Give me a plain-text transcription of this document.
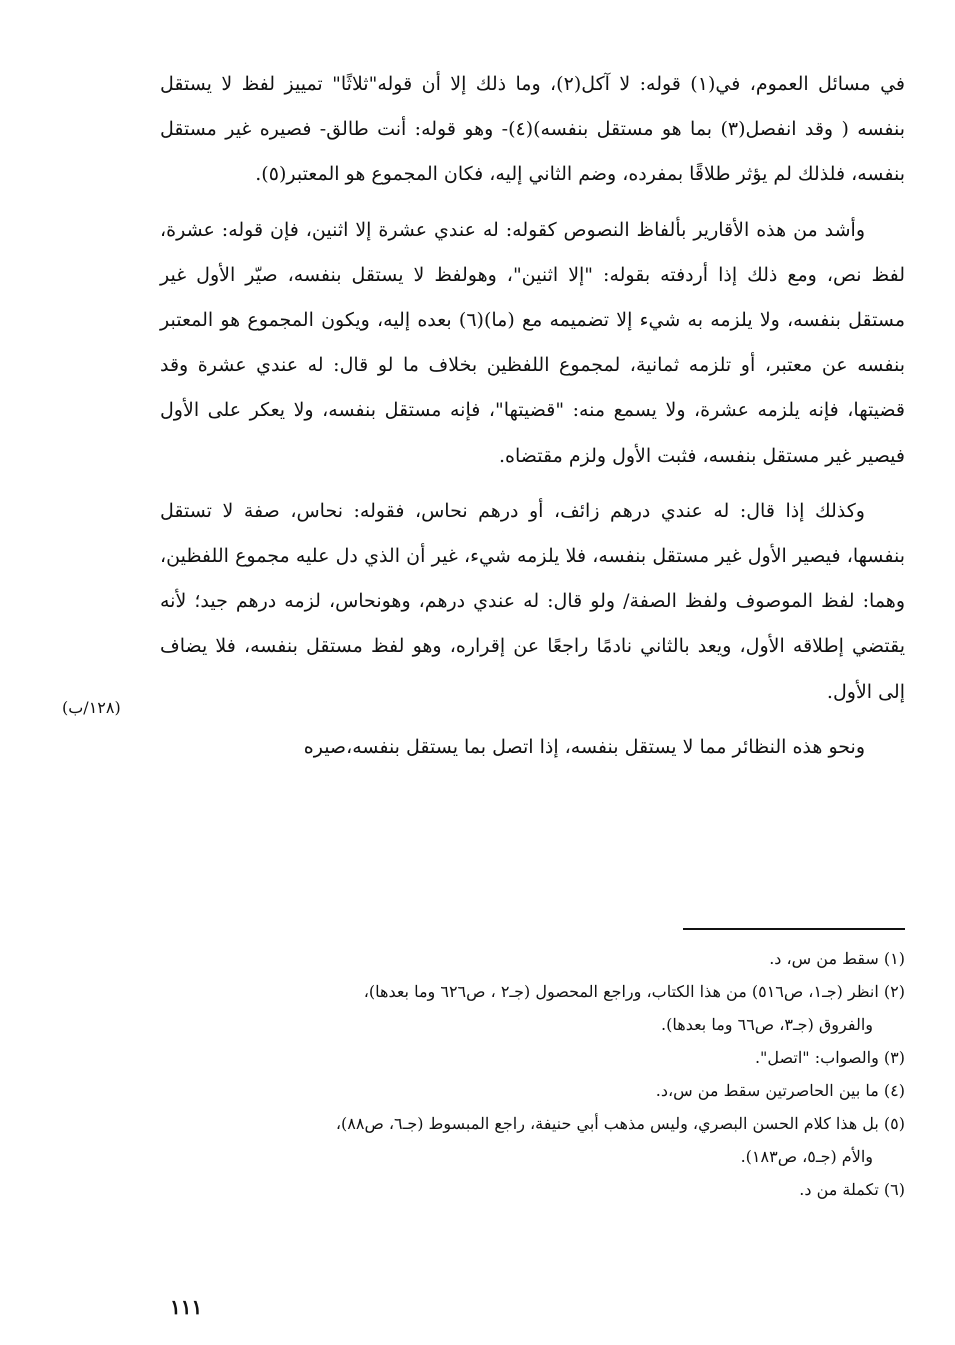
في مسائل العموم، في(١) قوله: لا آكل(٢)، وما ذلك إلا أن قوله"ثلاثًا" تمييز لفظ لا يستقل بنفسه ( وقد انفصل(٣) بما هو مستقل بنفسه)(٤)- وهو قوله: أنت طالق- فصيره غير مستقل بنفسه، فلذلك لم يؤثر طلاقًا بمفرده، وضم الثاني إليه، فكان المجموع هو المعتبر(٥).

وأشد من هذه الأقارير بألفاظ النصوص كقوله: له عندي عشرة إلا اثنين، فإن قوله: عشرة، لفظ نص، ومع ذلك إذا أردفته بقوله: "إلا اثنين"، وهولفظ لا يستقل بنفسه، صيّر الأول غير مستقل بنفسه، ولا يلزمه به شيء إلا تضميمه مع (ما)(٦) بعده إليه، ويكون المجموع هو المعتبر بنفسه عن معتبر، أو تلزمه ثمانية، لمجموع اللفظين بخلاف ما لو قال: له عندي عشرة وقد قضيتها، فإنه يلزمه عشرة، ولا يسمع منه: "قضيتها"، فإنه مستقل بنفسه، ولا يعكر على الأول فيصير غير مستقل بنفسه، فثبت الأول ولزم مقتضاه.

وكذلك إذا قال: له عندي درهم زائف، أو درهم نحاس، فقوله: نحاس، صفة لا تستقل بنفسها، فيصير الأول غير مستقل بنفسه، فلا يلزمه شيء، غير أن الذي دل عليه مجموع اللفظين، وهما: لفظ الموصوف ولفظ الصفة/ ولو قال: له عندي درهم، وهونحاس، لزمه درهم جيد؛ لأنه يقتضي إطلاقه الأول، ويعد بالثاني نادمًا راجعًا عن إقراره، وهو لفظ مستقل بنفسه، فلا يضاف إلى الأول.

ونحو هذه النظائر مما لا يستقل بنفسه، إذا اتصل بما يستقل بنفسه،صيره

(١٢٨/ب)
(١) سقط من س، د.
(٢) انظر (جـ١، ص٥١٦) من هذا الكتاب، وراجع المحصول (جـ٢ ، ص٦٢٦ وما بعدها)،
والفروق (جـ٣، ص٦٦ وما بعدها).
(٣) والصواب: "اتصل".
(٤) ما بين الحاصرتين سقط من س،د.
(٥) بل هذا كلام الحسن البصري، وليس مذهب أبي حنيفة، راجع المبسوط (جـ٦، ص٨٨)،
والأم (جـ٥، ص١٨٣).
(٦) تكملة من د.
١١١
